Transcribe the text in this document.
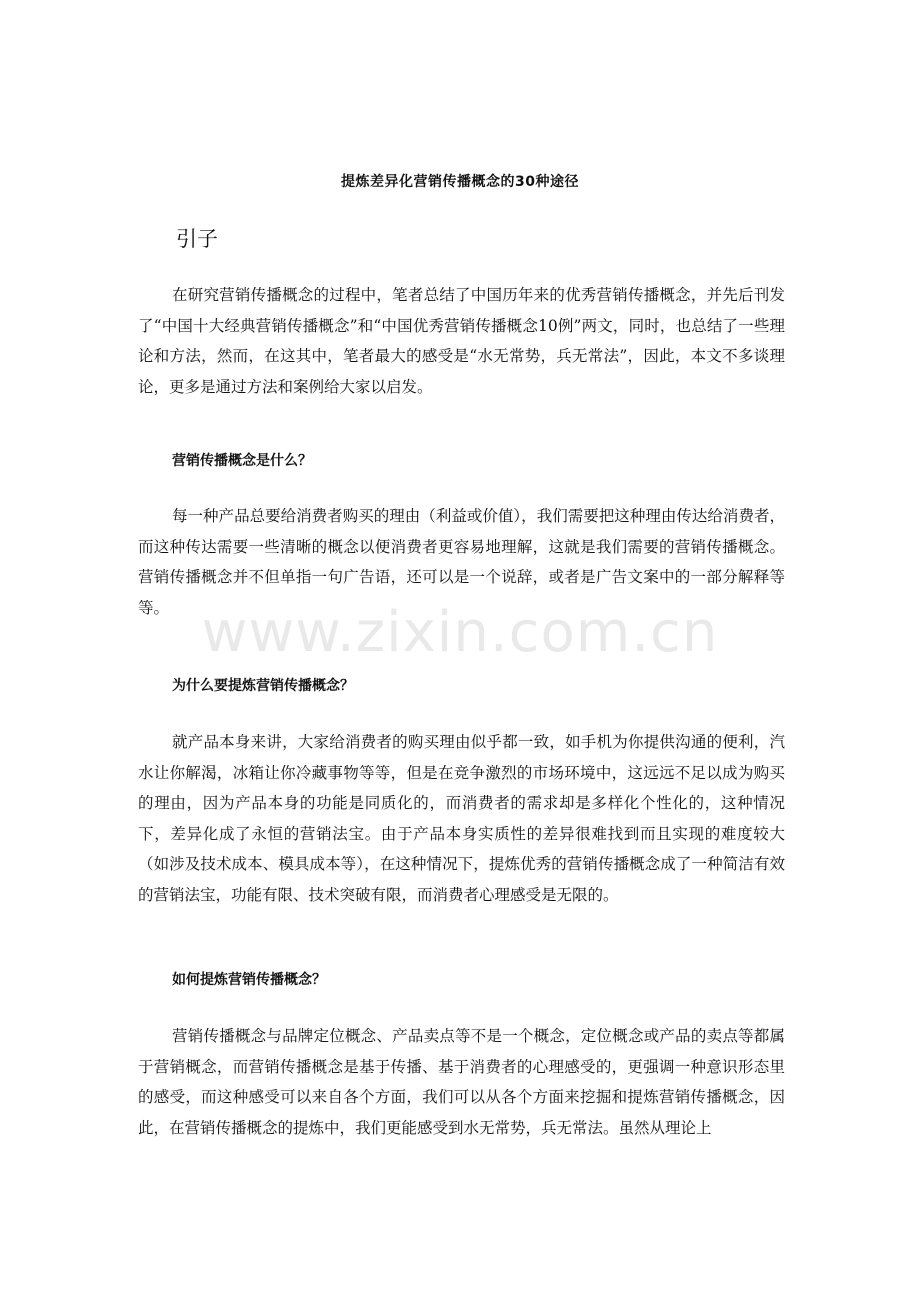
提炼差异化营销传播概念的30种途径
引子

在研究营销传播概念的过程中，笔者总结了中国历年来的优秀营销传播概念，并先后刊发了“中国十大经典营销传播概念”和“中国优秀营销传播概念10例”两文，同时，也总结了一些理论和方法，然而，在这其中，笔者最大的感受是“水无常势，兵无常法”，因此，本文不多谈理论，更多是通过方法和案例给大家以启发。

营销传播概念是什么？

每一种产品总要给消费者购买的理由（利益或价值），我们需要把这种理由传达给消费者，而这种传达需要一些清晰的概念以便消费者更容易地理解，这就是我们需要的营销传播概念。营销传播概念并不但单指一句广告语，还可以是一个说辞，或者是广告文案中的一部分解释等等。

为什么要提炼营销传播概念？

就产品本身来讲，大家给消费者的购买理由似乎都一致，如手机为你提供沟通的便利，汽水让你解渴，冰箱让你冷藏事物等等，但是在竞争激烈的市场环境中，这远远不足以成为购买的理由，因为产品本身的功能是同质化的，而消费者的需求却是多样化个性化的，这种情况下，差异化成了永恒的营销法宝。由于产品本身实质性的差异很难找到而且实现的难度较大（如涉及技术成本、模具成本等），在这种情况下，提炼优秀的营销传播概念成了一种简洁有效的营销法宝，功能有限、技术突破有限，而消费者心理感受是无限的。

如何提炼营销传播概念？

营销传播概念与品牌定位概念、产品卖点等不是一个概念，定位概念或产品的卖点等都属于营销概念，而营销传播概念是基于传播、基于消费者的心理感受的，更强调一种意识形态里的感受，而这种感受可以来自各个方面，我们可以从各个方面来挖掘和提炼营销传播概念，因此，在营销传播概念的提炼中，我们更能感受到水无常势，兵无常法。虽然从理论上

www.zixin.com.cn
